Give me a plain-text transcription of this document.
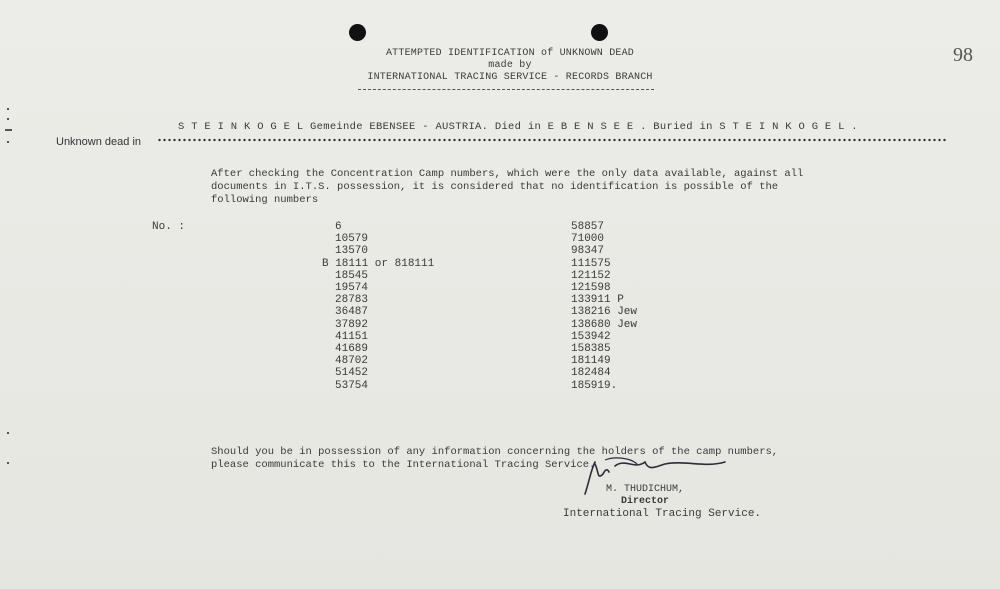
98
ATTEMPTED IDENTIFICATION of UNKNOWN DEAD
made by
INTERNATIONAL TRACING SERVICE - RECORDS BRANCH
S T E I N K O G E L Gemeinde EBENSEE - AUSTRIA. Died in E B E N S E E . Buried in S T E I N K O G E L .
Unknown dead in
After checking the Concentration Camp numbers, which were the only data available, against all
documents in I.T.S. possession, it is considered that no identification is possible of the
following numbers
No. :	6
10579
13570
B 18111 or 818111
18545
19574
28783
36487
37892
41151
41689
48702
51452
53754
58857
71000
98347
111575
121152
121598
133911 P
138216 Jew
138680 Jew
153942
158385
181149
182484
185919.
Should you be in possession of any information concerning the holders of the camp numbers,
please communicate this to the International Tracing Service.
M. THUDICHUM,
Director
International Tracing Service.
